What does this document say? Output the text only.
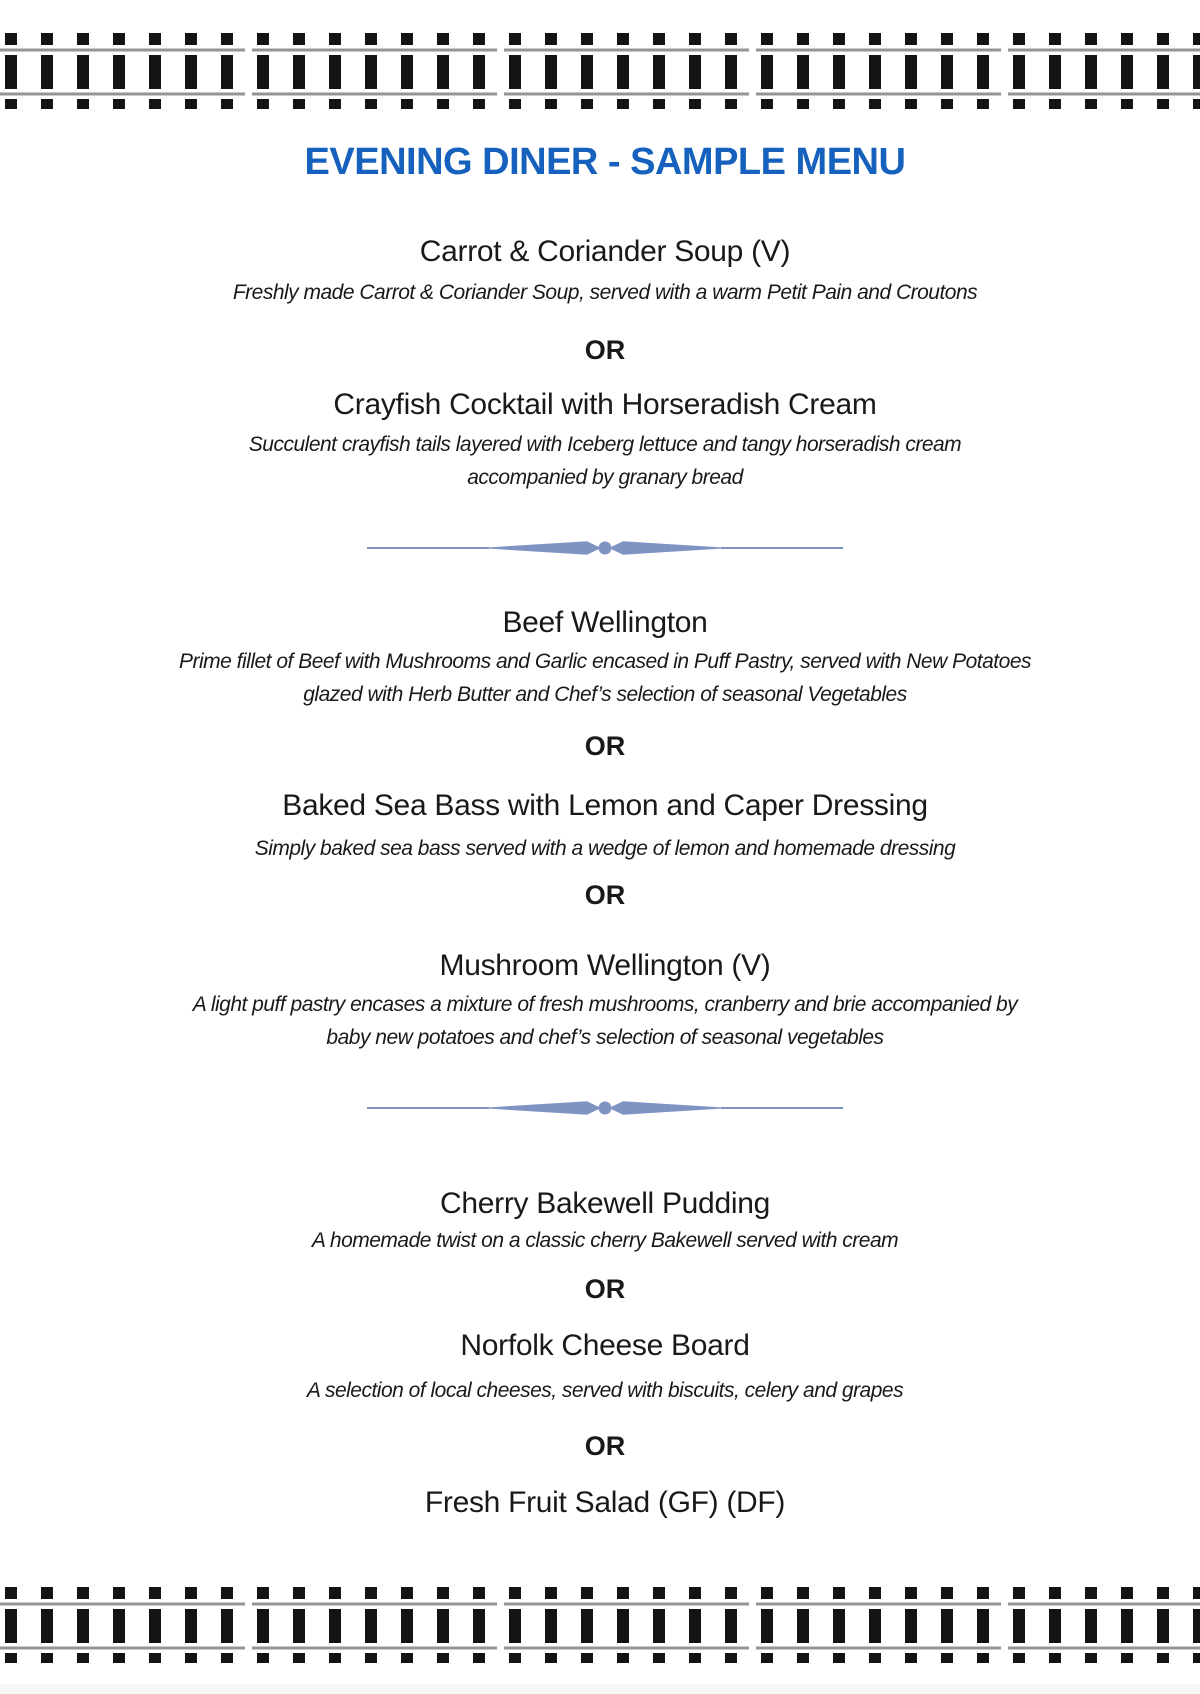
EVENING DINER - SAMPLE MENU
Carrot & Coriander Soup (V)
Freshly made Carrot & Coriander Soup, served with a warm Petit Pain and Croutons
OR
Crayfish Cocktail with Horseradish Cream
Succulent crayfish tails layered with Iceberg lettuce and tangy horseradish cream
accompanied by granary bread
Beef Wellington
Prime fillet of Beef with Mushrooms and Garlic encased in Puff Pastry, served with New Potatoes
glazed with Herb Butter and Chef’s selection of seasonal Vegetables
OR
Baked Sea Bass with Lemon and Caper Dressing
Simply baked sea bass served with a wedge of lemon and homemade dressing
OR
Mushroom Wellington (V)
A light puff pastry encases a mixture of fresh mushrooms, cranberry and brie accompanied by
baby new potatoes and chef’s selection of seasonal vegetables
Cherry Bakewell Pudding
A homemade twist on a classic cherry Bakewell served with cream
OR
Norfolk Cheese Board
A selection of local cheeses, served with biscuits, celery and grapes
OR
Fresh Fruit Salad (GF) (DF)
